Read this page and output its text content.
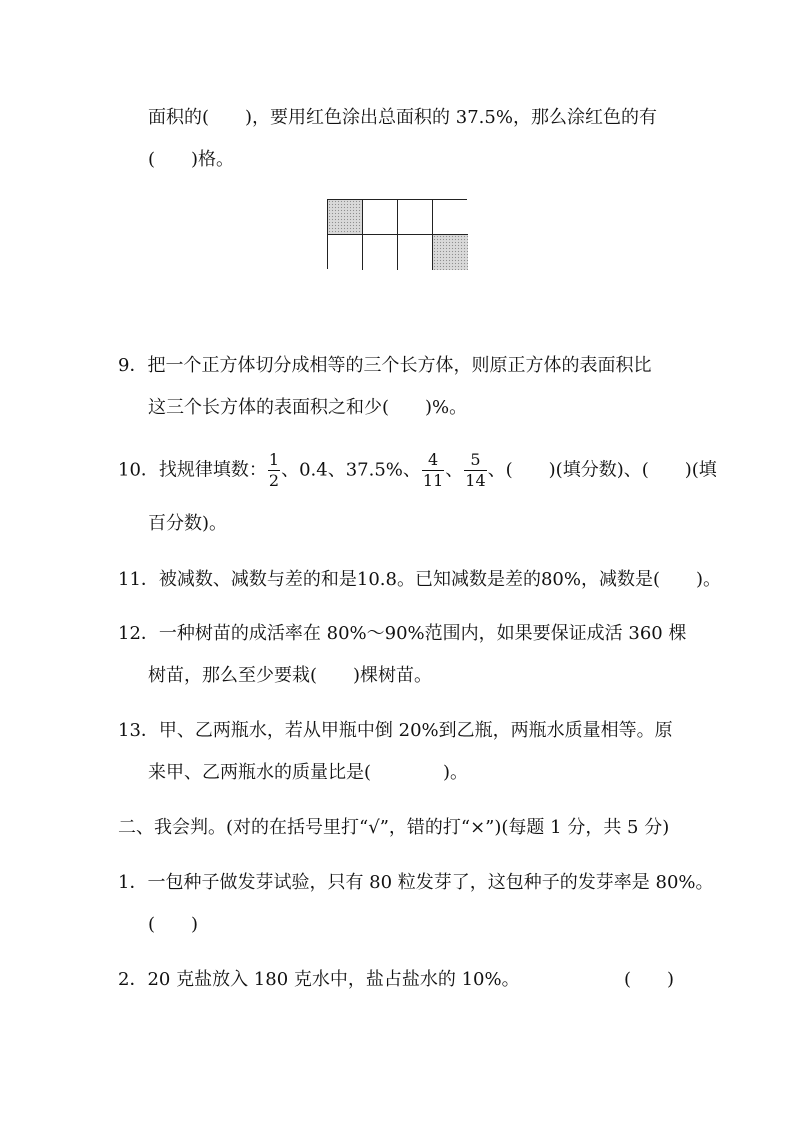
面积的(　　)，要用红色涂出总面积的 37.5%，那么涂红色的有
(　　)格。
9．把一个正方体切分成相等的三个长方体，则原正方体的表面积比
这三个长方体的表面积之和少(　　)%。
10．找规律填数： $\frac{1}{2}$ 、0.4、37.5%、 $\frac{4}{11}$ 、 $\frac{5}{14}$ 、(　　)(填分数)、(　　)(填
百分数)。
11．被减数、减数与差的和是10.8。已知减数是差的80%，减数是(　　)。
12．一种树苗的成活率在 80%～90%范围内，如果要保证成活 360 棵
树苗，那么至少要栽(　　)棵树苗。
13．甲、乙两瓶水，若从甲瓶中倒 20%到乙瓶，两瓶水质量相等。原
来甲、乙两瓶水的质量比是(　　　　)。
二、我会判。(对的在括号里打“√”，错的打“×”)(每题 1 分，共 5 分)
1．一包种子做发芽试验，只有 80 粒发芽了，这包种子的发芽率是 80%。
(　　)
2．20 克盐放入 180 克水中，盐占盐水的 10%。	(　　)
